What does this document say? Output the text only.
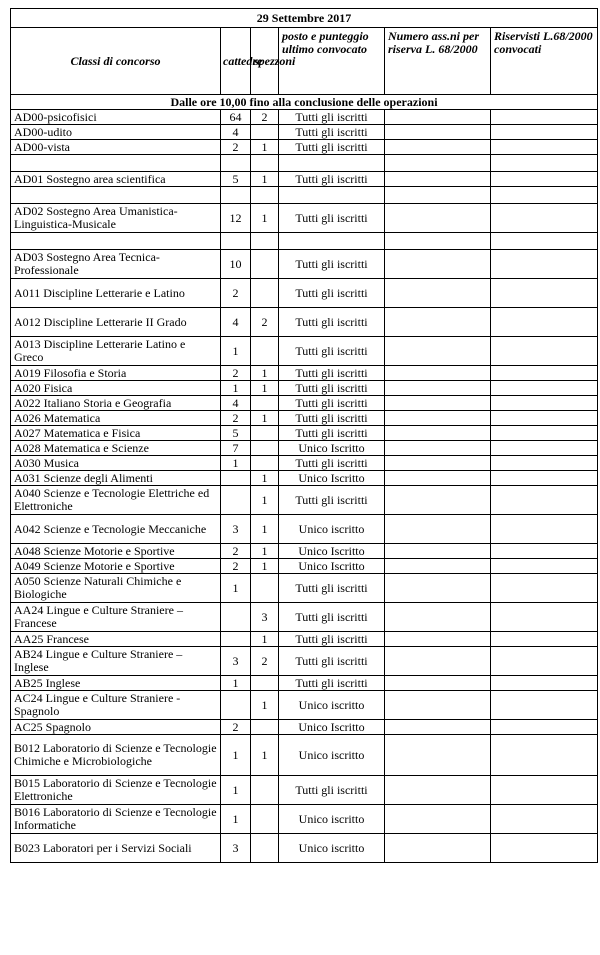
29 Settembre 2017					
Classi di concorso	cattedre	spezzoni	posto e punteggio ultimo convocato	Numero ass.ni per riserva L. 68/2000	Riservisti L.68/2000 convocati
Dalle ore 10,00 fino alla conclusione delle operazioni					
AD00-psicofisici	64	2	Tutti gli iscritti		
AD00-udito	4		Tutti gli iscritti		
AD00-vista	2	1	Tutti gli iscritti		

AD01 Sostegno area scientifica	5	1	Tutti gli iscritti		

AD02 Sostegno Area Umanistica-Linguistica-Musicale	12	1	Tutti gli iscritti		

AD03 Sostegno Area Tecnica-Professionale	10		Tutti gli iscritti		
A011 Discipline Letterarie e Latino	2		Tutti gli iscritti		
A012 Discipline Letterarie II Grado	4	2	Tutti gli iscritti		
A013 Discipline Letterarie Latino e Greco	1		Tutti gli iscritti		
A019 Filosofia e Storia	2	1	Tutti gli iscritti		
A020 Fisica	1	1	Tutti gli iscritti		
A022 Italiano Storia e Geografia	4		Tutti gli iscritti		
A026 Matematica	2	1	Tutti gli iscritti		
A027 Matematica e Fisica	5		Tutti gli iscritti		
A028 Matematica e Scienze	7		Unico Iscritto		
A030 Musica	1		Tutti gli iscritti		
A031 Scienze degli Alimenti		1	Unico Iscritto		
A040 Scienze e Tecnologie Elettriche ed Elettroniche		1	Tutti gli iscritti		
A042 Scienze e Tecnologie Meccaniche	3	1	Unico iscritto		
A048 Scienze Motorie e Sportive	2	1	Unico Iscritto		
A049 Scienze Motorie e Sportive	2	1	Unico Iscritto		
A050 Scienze Naturali Chimiche e Biologiche	1		Tutti gli iscritti		
AA24 Lingue e Culture Straniere – Francese		3	Tutti gli iscritti		
AA25 Francese		1	Tutti gli iscritti		
AB24 Lingue e Culture Straniere – Inglese	3	2	Tutti gli iscritti		
AB25 Inglese	1		Tutti gli iscritti		
AC24 Lingue e Culture Straniere - Spagnolo		1	Unico iscritto		
AC25 Spagnolo	2		Unico Iscritto		
B012 Laboratorio di Scienze e Tecnologie Chimiche e Microbiologiche	1	1	Unico iscritto		
B015 Laboratorio di Scienze e Tecnologie Elettroniche	1		Tutti gli iscritti		
B016 Laboratorio di Scienze e Tecnologie Informatiche	1		Unico iscritto		
B023 Laboratori per i Servizi Sociali	3		Unico iscritto		
